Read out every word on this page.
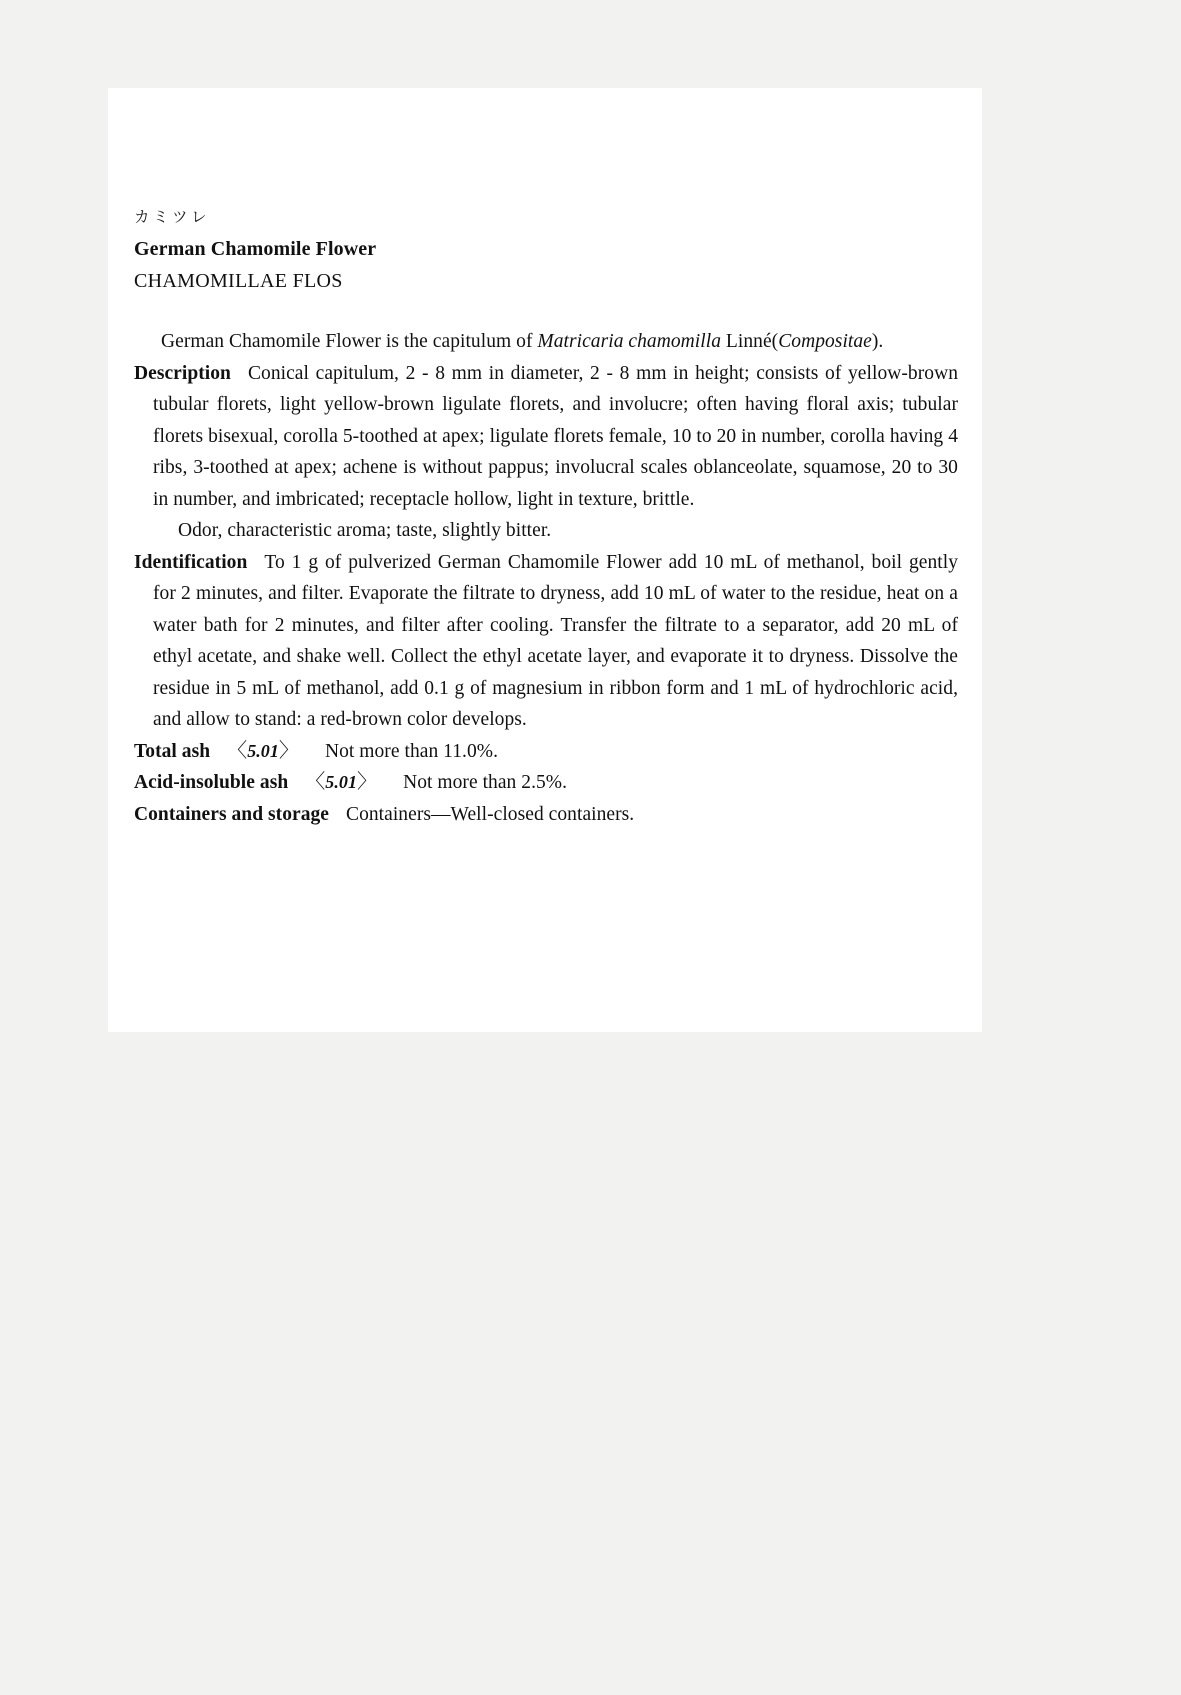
カミツレ

German Chamomile Flower

CHAMOMILLAE FLOS

German Chamomile Flower is the capitulum of Matricaria chamomilla Linné(Compositae).

Description Conical capitulum, 2 - 8 mm in diameter, 2 - 8 mm in height; consists of yellow-brown tubular florets, light yellow-brown ligulate florets, and involucre; often having floral axis; tubular florets bisexual, corolla 5-toothed at apex; ligulate florets female, 10 to 20 in number, corolla having 4 ribs, 3-toothed at apex; achene is without pappus; involucral scales oblanceolate, squamose, 20 to 30 in number, and imbricated; receptacle hollow, light in texture, brittle.

Odor, characteristic aroma; taste, slightly bitter.

Identification To 1 g of pulverized German Chamomile Flower add 10 mL of methanol, boil gently for 2 minutes, and filter. Evaporate the filtrate to dryness, add 10 mL of water to the residue, heat on a water bath for 2 minutes, and filter after cooling. Transfer the filtrate to a separator, add 20 mL of ethyl acetate, and shake well. Collect the ethyl acetate layer, and evaporate it to dryness. Dissolve the residue in 5 mL of methanol, add 0.1 g of magnesium in ribbon form and 1 mL of hydrochloric acid, and allow to stand: a red-brown color develops.

Total ash 〈5.01〉 Not more than 11.0%.

Acid-insoluble ash 〈5.01〉 Not more than 2.5%.

Containers and storage Containers—Well-closed containers.
